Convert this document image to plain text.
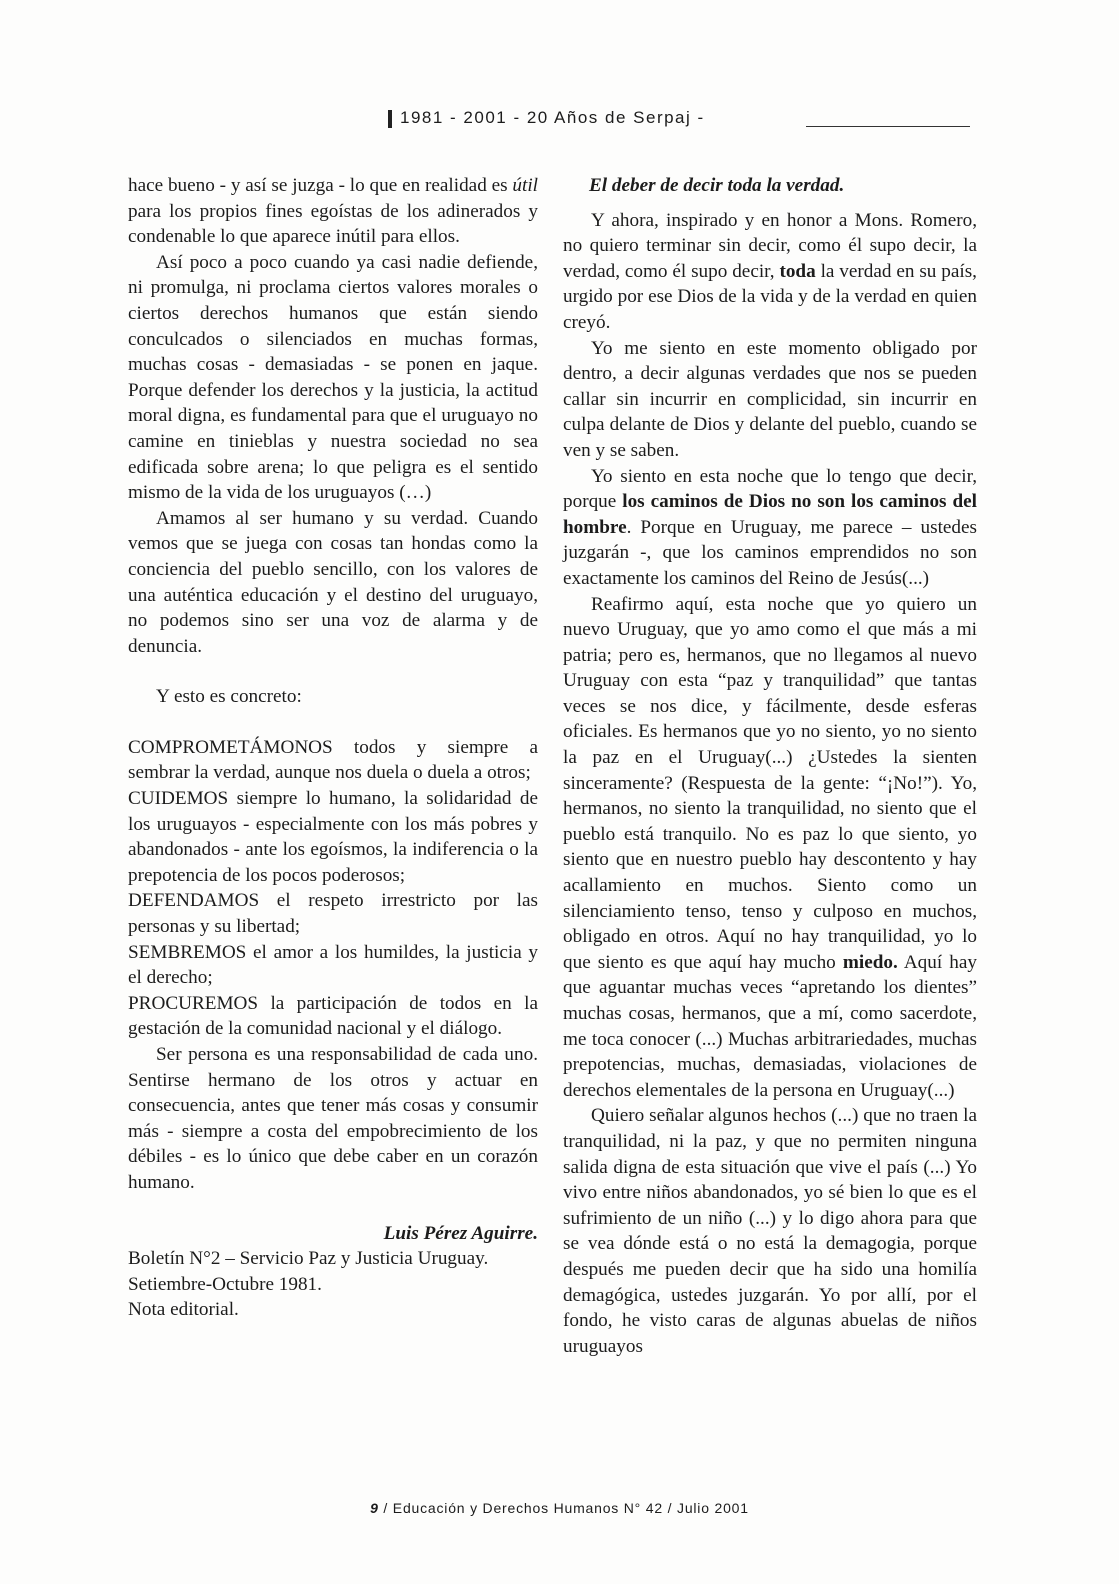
1981 - 2001 - 20 Años de Serpaj -

hace bueno - y así se juzga - lo que en realidad es útil para los propios fines egoístas de los adinerados y condenable lo que aparece inútil para ellos.

Así poco a poco cuando ya casi nadie defiende, ni promulga, ni proclama ciertos valores morales o ciertos derechos humanos que están siendo conculcados o silenciados en muchas formas, muchas cosas - demasiadas - se ponen en jaque. Porque defender los derechos y la justicia, la actitud moral digna, es fundamental para que el uruguayo no camine en tinieblas y nuestra sociedad no sea edificada sobre arena; lo que peligra es el sentido mismo de la vida de los uruguayos (…)

Amamos al ser humano y su verdad. Cuando vemos que se juega con cosas tan hondas como la conciencia del pueblo sencillo, con los valores de una auténtica educación y el destino del uruguayo, no podemos sino ser una voz de alarma y de denuncia.

Y esto es concreto:

COMPROMETÁMONOS todos y siempre a sembrar la verdad, aunque nos duela o duela a otros;

CUIDEMOS siempre lo humano, la solidaridad de los uruguayos - especialmente con los más pobres y abandonados - ante los egoísmos, la indiferencia o la prepotencia de los pocos poderosos;

DEFENDAMOS el respeto irrestricto por las personas y su libertad;

SEMBREMOS el amor a los humildes, la justicia y el derecho;

PROCUREMOS la participación de todos en la gestación de la comunidad nacional y el diálogo.

Ser persona es una responsabilidad de cada uno. Sentirse hermano de los otros y actuar en consecuencia, antes que tener más cosas y consumir más - siempre a costa del empobrecimiento de los débiles - es lo único que debe caber en un corazón humano.

Luis Pérez Aguirre.

Boletín N°2 – Servicio Paz y Justicia Uruguay.

Setiembre-Octubre 1981.

Nota editorial.

El deber de decir toda la verdad.

Y ahora, inspirado y en honor a Mons. Romero, no quiero terminar sin decir, como él supo decir, la verdad, como él supo decir, toda la verdad en su país, urgido por ese Dios de la vida y de la verdad en quien creyó.

Yo me siento en este momento obligado por dentro, a decir algunas verdades que nos se pueden callar sin incurrir en complicidad, sin incurrir en culpa delante de Dios y delante del pueblo, cuando se ven y se saben.

Yo siento en esta noche que lo tengo que decir, porque los caminos de Dios no son los caminos del hombre. Porque en Uruguay, me parece – ustedes juzgarán -, que los caminos emprendidos no son exactamente los caminos del Reino de Jesús(...)

Reafirmo aquí, esta noche que yo quiero un nuevo Uruguay, que yo amo como el que más a mi patria; pero es, hermanos, que no llegamos al nuevo Uruguay con esta “paz y tranquilidad” que tantas veces se nos dice, y fácilmente, desde esferas oficiales. Es hermanos que yo no siento, yo no siento la paz en el Uruguay(...) ¿Ustedes la sienten sinceramente? (Respuesta de la gente: “¡No!”). Yo, hermanos, no siento la tranquilidad, no siento que el pueblo está tranquilo. No es paz lo que siento, yo siento que en nuestro pueblo hay descontento y hay acallamiento en muchos. Siento como un silenciamiento tenso, tenso y culposo en muchos, obligado en otros. Aquí no hay tranquilidad, yo lo que siento es que aquí hay mucho miedo. Aquí hay que aguantar muchas veces “apretando los dientes” muchas cosas, hermanos, que a mí, como sacerdote, me toca conocer (...) Muchas arbitrariedades, muchas prepotencias, muchas, demasiadas, violaciones de derechos elementales de la persona en Uruguay(...)

Quiero señalar algunos hechos (...) que no traen la tranquilidad, ni la paz, y que no permiten ninguna salida digna de esta situación que vive el país (...) Yo vivo entre niños abandonados, yo sé bien lo que es el sufrimiento de un niño (...) y lo digo ahora para que se vea dónde está o no está la demagogia, porque después me pueden decir que ha sido una homilía demagógica, ustedes juzgarán. Yo por allí, por el fondo, he visto caras de algunas abuelas de niños uruguayos

9 / Educación y Derechos Humanos N° 42 / Julio 2001
